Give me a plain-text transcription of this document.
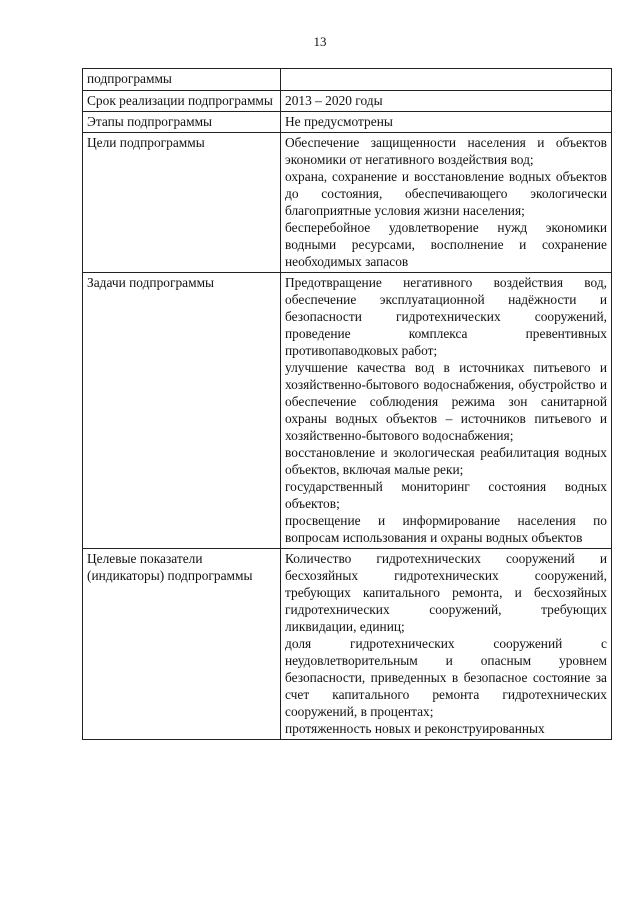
13
подпрограммы	

Срок реализации подпрограммы	2013 – 2020 годы

Этапы подпрограммы	Не предусмотрены

Цели подпрограммы	Обеспечение защищенности населения и объектов экономики от негативного воздействия вод;
охрана, сохранение и восстановление водных объектов до состояния, обеспечивающего экологически благоприятные условия жизни населения;
бесперебойное удовлетворение нужд экономики водными ресурсами, восполнение и сохранение необходимых запасов

Задачи подпрограммы	Предотвращение негативного воздействия вод, обеспечение эксплуатационной надёжности и безопасности гидротехнических сооружений, проведение комплекса превентивных противопаводковых работ;
улучшение качества вод в источниках питьевого и хозяйственно-бытового водоснабжения, обустройство и обеспечение соблюдения режима зон санитарной охраны водных объектов – источников питьевого и хозяйственно-бытового водоснабжения;
восстановление и экологическая реабилитация водных объектов, включая малые реки;
государственный мониторинг состояния водных объектов;
просвещение и информирование населения по вопросам использования и охраны водных объектов

Целевые показатели (индикаторы) подпрограммы	Количество гидротехнических сооружений и бесхозяйных гидротехнических сооружений, требующих капитального ремонта, и бесхозяйных гидротехнических сооружений, требующих ликвидации, единиц;
доля гидротехнических сооружений с неудовлетворительным и опасным уровнем безопасности, приведенных в безопасное состояние за счет капитального ремонта гидротехнических сооружений, в процентах;
протяженность новых и реконструированных
